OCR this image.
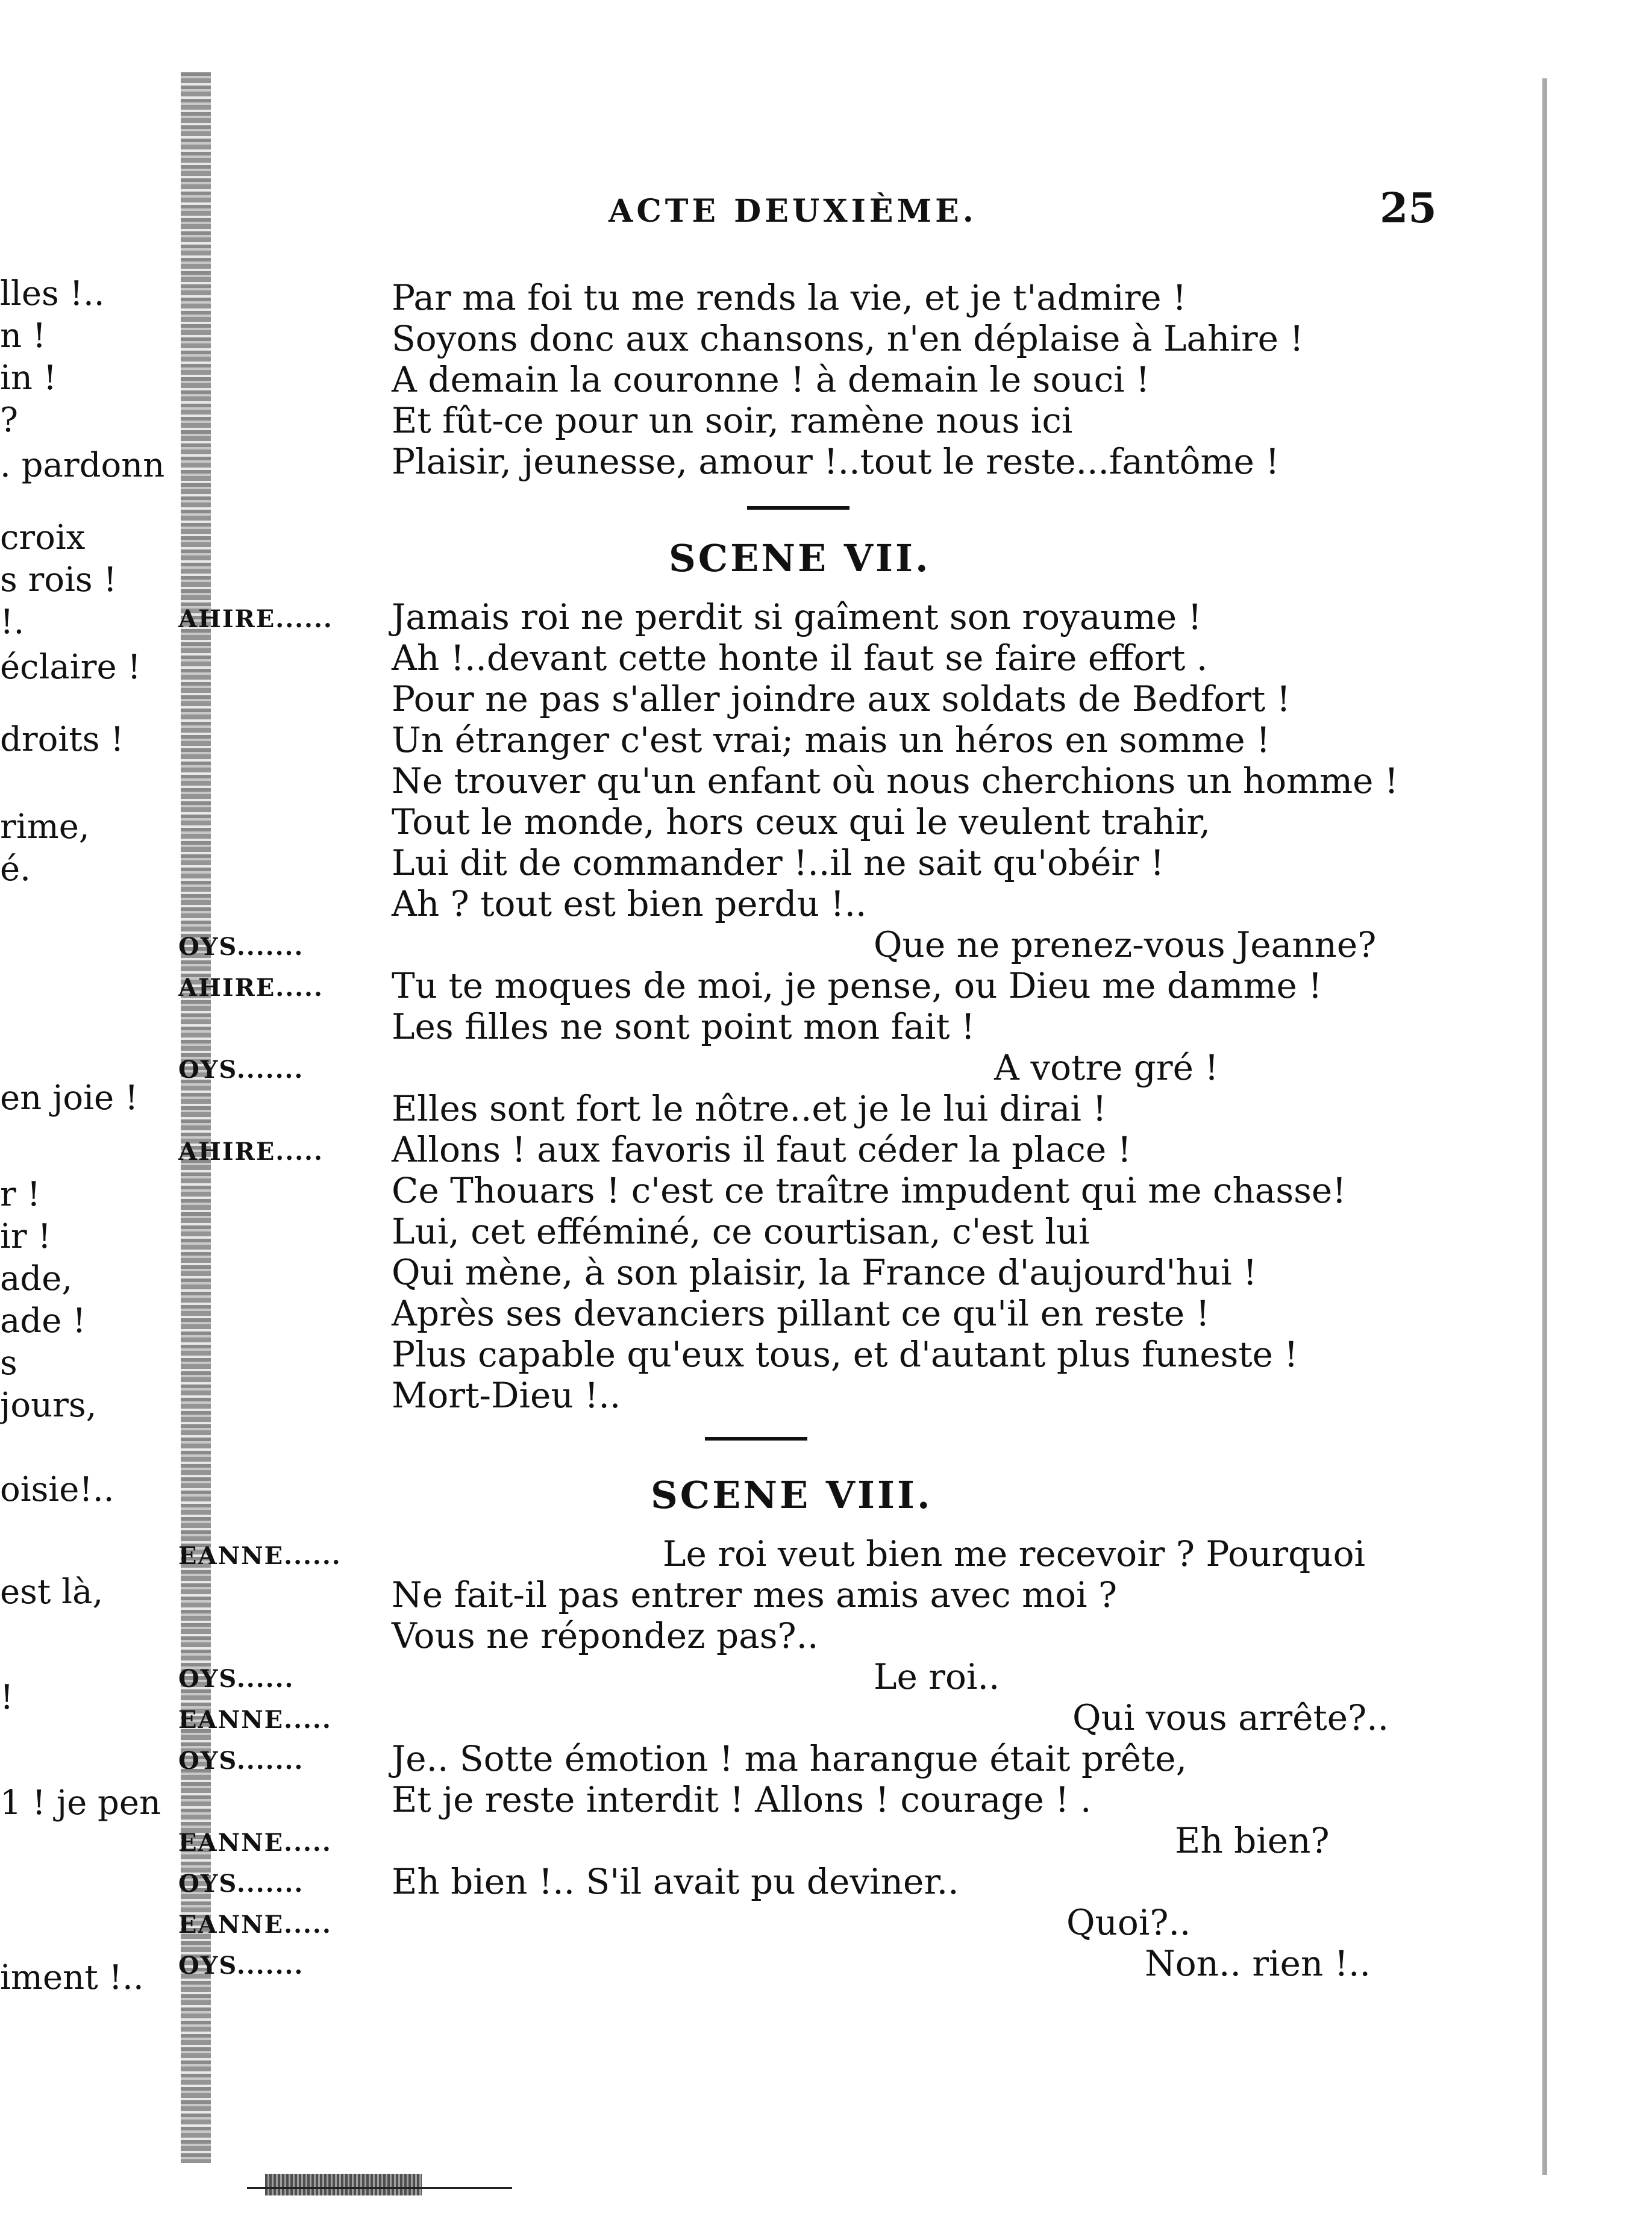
ACTE DEUXIÈME.	25
lles !..
n !
in !
?
. pardonn
croix
s rois !
!.
éclaire !
droits !
rime,
é.
en joie !
r !
ir !
ade,
ade !
s
jours,
oisie!..
est là,
!
1 ! je pen
iment !..
Par ma foi tu me rends la vie, et je t'admire !
Soyons donc aux chansons, n'en déplaise à Lahire !
A demain la couronne ! à demain le souci !
Et fût-ce pour un soir, ramène nous ici
Plaisir, jeunesse, amour !..tout le reste...fantôme !
SCENE VII.
AHIRE...... Jamais roi ne perdit si gaîment son royaume !
Ah !..devant cette honte il faut se faire effort .
Pour ne pas s'aller joindre aux soldats de Bedfort !
Un étranger c'est vrai; mais un héros en somme !
Ne trouver qu'un enfant où nous cherchions un homme !
Tout le monde, hors ceux qui le veulent trahir,
Lui dit de commander !..il ne sait qu'obéir !
Ah ? tout est bien perdu !..
OYS.......	Que ne prenez-vous Jeanne?
AHIRE..... Tu te moques de moi, je pense, ou Dieu me damme !
Les filles ne sont point mon fait !
OYS.......	A votre gré !
Elles sont fort le nôtre..et je le lui dirai !
AHIRE..... Allons ! aux favoris il faut céder la place !
Ce Thouars ! c'est ce traître impudent qui me chasse!
Lui, cet efféminé, ce courtisan, c'est lui
Qui mène, à son plaisir, la France d'aujourd'hui !
Après ses devanciers pillant ce qu'il en reste !
Plus capable qu'eux tous, et d'autant plus funeste !
Mort-Dieu !..
SCENE VIII.
EANNE......	Le roi veut bien me recevoir ? Pourquoi
Ne fait-il pas entrer mes amis avec moi ?
Vous ne répondez pas?..
OYS......	Le roi..
EANNE.....	Qui vous arrête?..
OYS.......	Je.. Sotte émotion ! ma harangue était prête,
Et je reste interdit ! Allons ! courage ! .
EANNE.....	Eh bien?
OYS.......	Eh bien !.. S'il avait pu deviner..
EANNE.....	Quoi?..
OYS.......	Non.. rien !..
